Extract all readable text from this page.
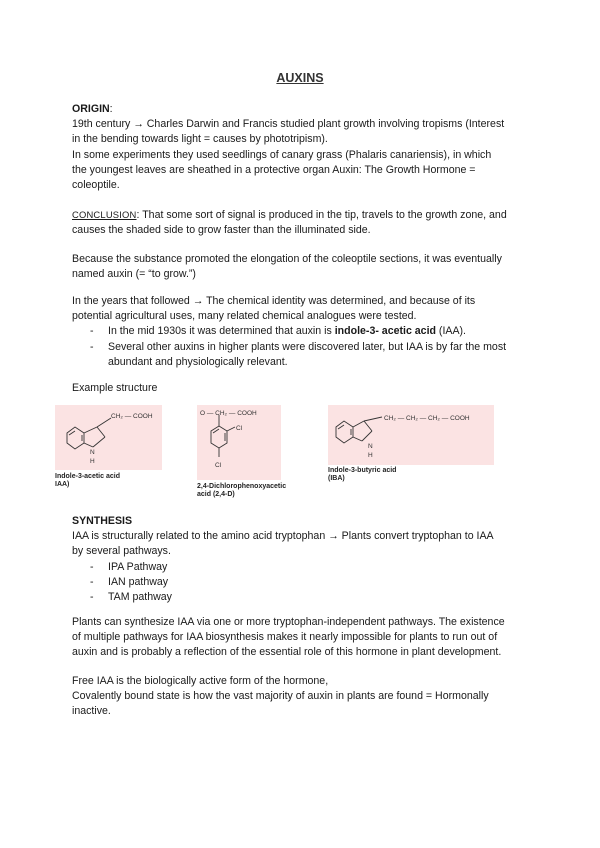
AUXINS

ORIGIN:

19th century → Charles Darwin and Francis studied plant growth involving tropisms (Interest

in the bending towards light = causes by phototripism).

In some experiments they used seedlings of canary grass (Phalaris canariensis), in which

the youngest leaves are sheathed in a protective organ Auxin: The Growth Hormone =

coleoptile.

CONCLUSION: That some sort of signal is produced in the tip, travels to the growth zone, and

causes the shaded side to grow faster than the illuminated side.

Because the substance promoted the elongation of the coleoptile sections, it was eventually

named auxin (= “to grow.”)

In the years that followed → The chemical identity was determined, and because of its

potential agricultural uses, many related chemical analogues were tested.

- In the mid 1930s it was determined that auxin is indole-3- acetic acid (IAA).
- Several other auxins in higher plants were discovered later, but IAA is by far the most
abundant and physiologically relevant.

Example structure

CH₂ — COOH
N
H
Indole-3-acetic acid
IAA)
O — CH₂ — COOH
Cl
Cl
2,4-Dichlorophenoxyacetic
acid (2,4-D)
CH₂ — CH₂ — CH₂ — COOH
N
H
Indole-3-butyric acid
(IBA)

SYNTHESIS

IAA is structurally related to the amino acid tryptophan → Plants convert tryptophan to IAA

by several pathways.

- IPA Pathway
- IAN pathway
- TAM pathway

Plants can synthesize IAA via one or more tryptophan-independent pathways. The existence

of multiple pathways for IAA biosynthesis makes it nearly impossible for plants to run out of

auxin and is probably a reflection of the essential role of this hormone in plant development.

Free IAA is the biologically active form of the hormone,

Covalently bound state is how the vast majority of auxin in plants are found = Hormonally

inactive.
